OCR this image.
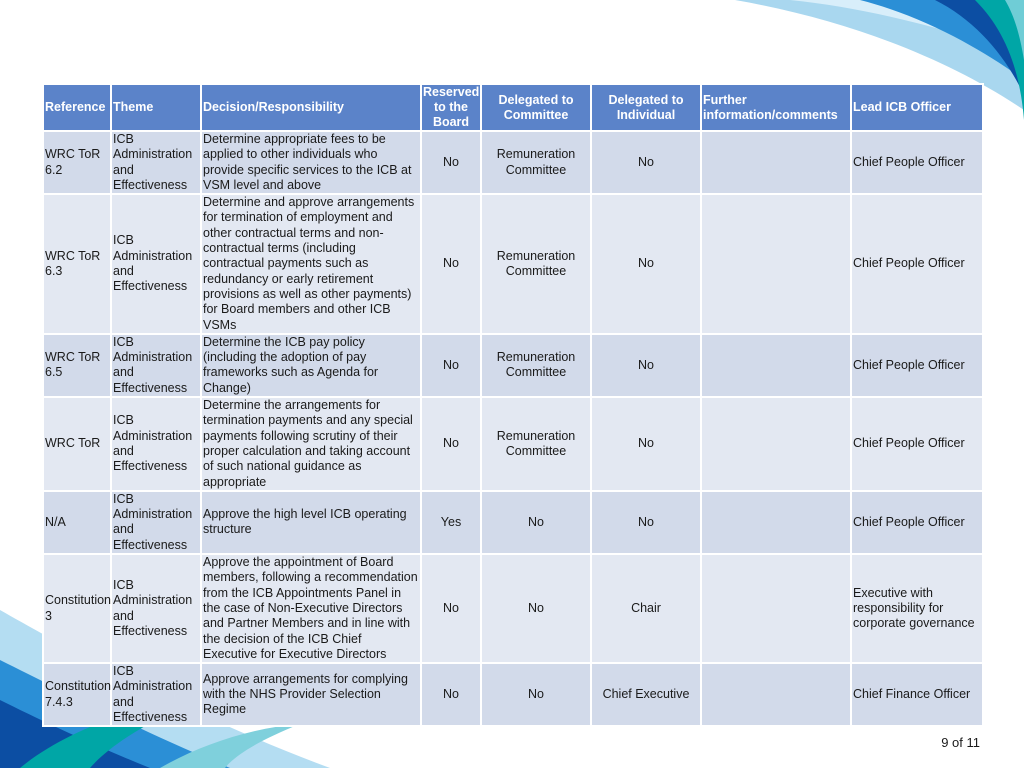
Reference	Theme	Decision/Responsibility	Reserved to the Board	Delegated to Committee	Delegated to Individual	Further information/comments	Lead ICB Officer
WRC ToR 6.2	ICB Administration and Effectiveness	Determine appropriate fees to be applied to other individuals who provide specific services to the ICB at VSM level and above	No	Remuneration Committee	No		Chief People Officer
WRC ToR 6.3	ICB Administration and Effectiveness	Determine and approve arrangements for termination of employment and other contractual terms and non-contractual terms (including contractual payments such as redundancy or early retirement provisions as well as other payments) for Board members and other ICB VSMs	No	Remuneration Committee	No		Chief People Officer
WRC ToR 6.5	ICB Administration and Effectiveness	Determine the ICB pay policy (including the adoption of pay frameworks such as Agenda for Change)	No	Remuneration Committee	No		Chief People Officer
WRC ToR	ICB Administration and Effectiveness	Determine the arrangements for termination payments and any special payments following scrutiny of their proper calculation and taking account of such national guidance as appropriate	No	Remuneration Committee	No		Chief People Officer
N/A	ICB Administration and Effectiveness	Approve the high level ICB operating structure	Yes	No	No		Chief People Officer
Constitution 3	ICB Administration and Effectiveness	Approve the appointment of Board members, following a recommendation from the ICB Appointments Panel in the case of Non-Executive Directors and Partner Members and in line with the decision of the ICB Chief Executive for Executive Directors	No	No	Chair		Executive with responsibility for corporate governance
Constitution 7.4.3	ICB Administration and Effectiveness	Approve arrangements for complying with the NHS Provider Selection Regime	No	No	Chief Executive		Chief Finance Officer
9 of 11
